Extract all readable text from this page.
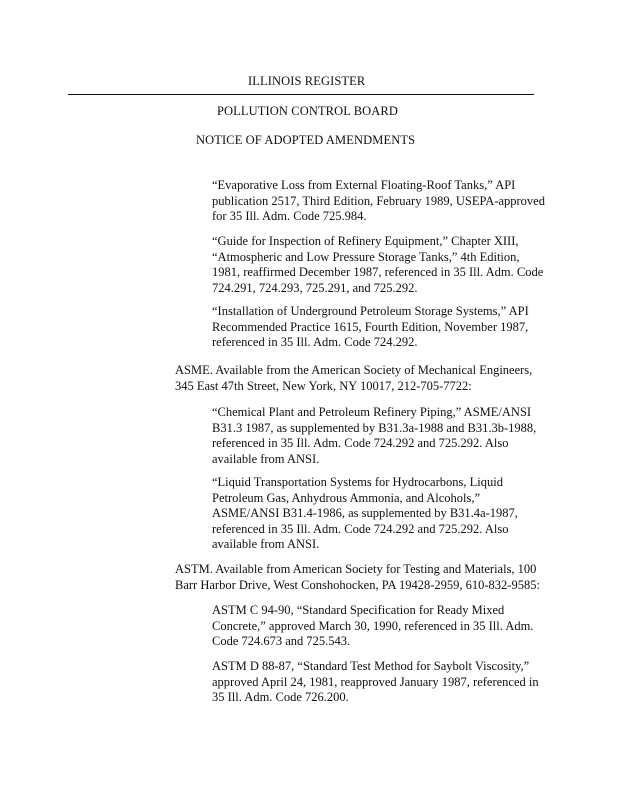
ILLINOIS REGISTER
POLLUTION CONTROL BOARD
NOTICE OF ADOPTED AMENDMENTS
“Evaporative Loss from External Floating-Roof Tanks,” API
publication 2517, Third Edition, February 1989, USEPA-approved
for 35 Ill. Adm. Code 725.984.
“Guide for Inspection of Refinery Equipment,” Chapter XIII,
“Atmospheric and Low Pressure Storage Tanks,” 4th Edition,
1981, reaffirmed December 1987, referenced in 35 Ill. Adm. Code
724.291, 724.293, 725.291, and 725.292.
“Installation of Underground Petroleum Storage Systems,” API
Recommended Practice 1615, Fourth Edition, November 1987,
referenced in 35 Ill. Adm. Code 724.292.
ASME. Available from the American Society of Mechanical Engineers,
345 East 47th Street, New York, NY 10017, 212-705-7722:
“Chemical Plant and Petroleum Refinery Piping,” ASME/ANSI
B31.3 1987, as supplemented by B31.3a-1988 and B31.3b-1988,
referenced in 35 Ill. Adm. Code 724.292 and 725.292. Also
available from ANSI.
“Liquid Transportation Systems for Hydrocarbons, Liquid
Petroleum Gas, Anhydrous Ammonia, and Alcohols,”
ASME/ANSI B31.4-1986, as supplemented by B31.4a-1987,
referenced in 35 Ill. Adm. Code 724.292 and 725.292. Also
available from ANSI.
ASTM. Available from American Society for Testing and Materials, 100
Barr Harbor Drive, West Conshohocken, PA 19428-2959, 610-832-9585:
ASTM C 94-90, “Standard Specification for Ready Mixed
Concrete,” approved March 30, 1990, referenced in 35 Ill. Adm.
Code 724.673 and 725.543.
ASTM D 88-87, “Standard Test Method for Saybolt Viscosity,”
approved April 24, 1981, reapproved January 1987, referenced in
35 Ill. Adm. Code 726.200.
